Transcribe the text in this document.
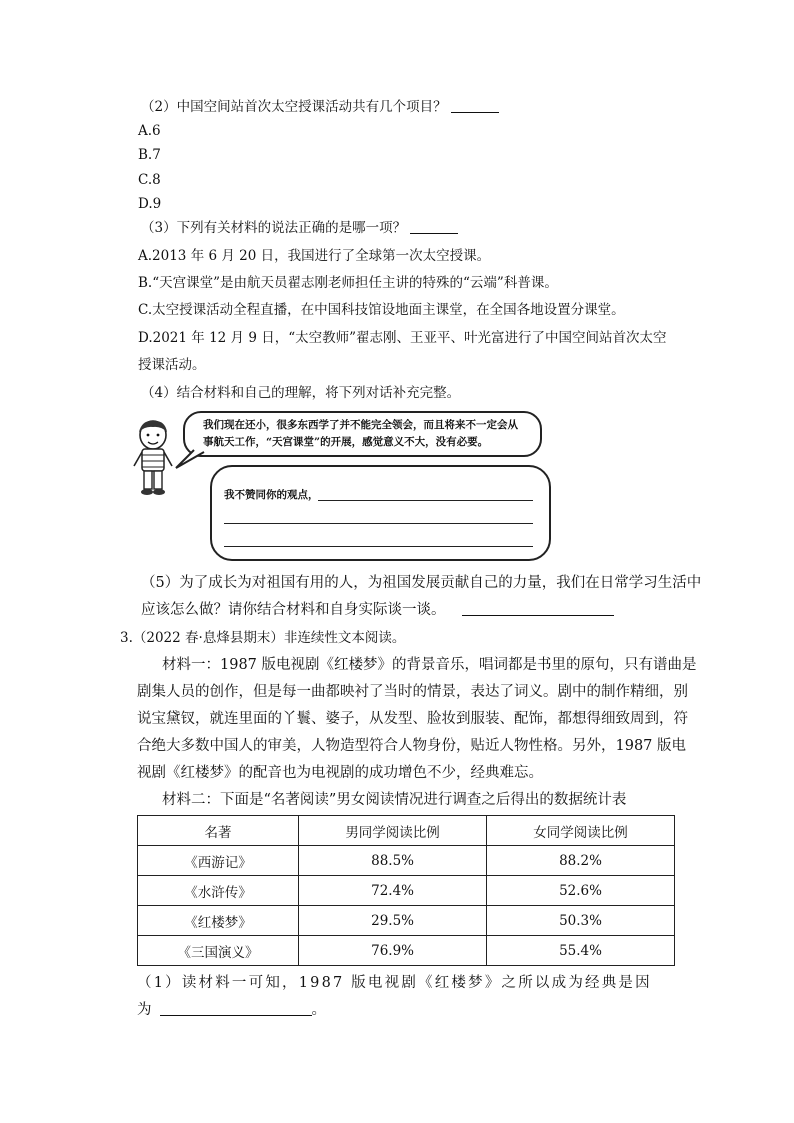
（2）中国空间站首次太空授课活动共有几个项目？
A.6
B.7
C.8
D.9
（3）下列有关材料的说法正确的是哪一项？
A.2013 年 6 月 20 日，我国进行了全球第一次太空授课。
B.“天宫课堂”是由航天员翟志刚老师担任主讲的特殊的“云端”科普课。
C.太空授课活动全程直播，在中国科技馆设地面主课堂，在全国各地设置分课堂。
D.2021 年 12 月 9 日，“太空教师”翟志刚、王亚平、叶光富进行了中国空间站首次太空
授课活动。
（4）结合材料和自己的理解，将下列对话补充完整。
我们现在还小，很多东西学了并不能完全领会，而且将来不一定会从
事航天工作，“天宫课堂”的开展，感觉意义不大，没有必要。
我不赞同你的观点，
（5）为了成长为对祖国有用的人，为祖国发展贡献自己的力量，我们在日常学习生活中
应该怎么做？请你结合材料和自身实际谈一谈。
3.（2022 春·息烽县期末）非连续性文本阅读。
材料一：1987 版电视剧《红楼梦》的背景音乐，唱词都是书里的原句，只有谱曲是
剧集人员的创作，但是每一曲都映衬了当时的情景，表达了词义。剧中的制作精细，别
说宝黛钗，就连里面的丫鬟、婆子，从发型、脸妆到服装、配饰，都想得细致周到，符
合绝大多数中国人的审美，人物造型符合人物身份，贴近人物性格。另外，1987 版电
视剧《红楼梦》的配音也为电视剧的成功增色不少，经典难忘。
材料二：下面是“名著阅读”男女阅读情况进行调查之后得出的数据统计表
名著	男同学阅读比例	女同学阅读比例
《西游记》	88.5%	88.2%
《水浒传》	72.4%	52.6%
《红楼梦》	29.5%	50.3%
《三国演义》	76.9%	55.4%
（1）读材料一可知，1987 版电视剧《红楼梦》之所以成为经典是因
为	。
